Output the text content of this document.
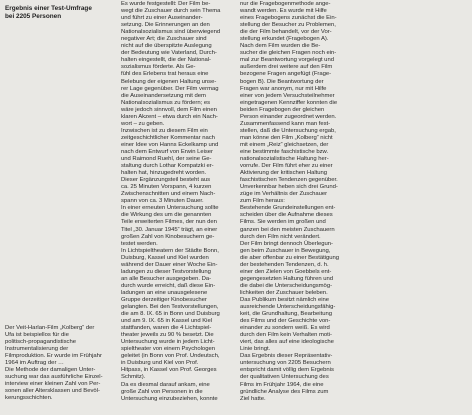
Ergebnis einer Test-Umfrage
bei 2205 Personen

Der Veit-Harlan-Film „Kolberg“ der

Ufa ist beispiellos für die

politisch-propagandistische

Instrumentalisierung der

Filmproduktion. Er wurde im Frühjahr

1964 im Auftrag der …

Die Methode der damaligen Unter-

suchung war das ausführliche Einzel-

interview einer kleinen Zahl von Per-

sonen aller Altersklassen und Bevöl-

kerungsschichten.

Es wurde festgestellt: Der Film be-

wegt die Zuschauer durch sein Thema

und führt zu einer Auseinander-

setzung. Die Erinnerungen an den

Nationalsozialismus sind überwiegend

negativer Art; die Zuschauer sind

nicht auf die überspitzte Auslegung

der Bedeutung wie Vaterland, Durch-

halten eingestellt, die der National-

sozialismus förderte. Als Ge-

fühl des Erlebens trat heraus eine

Belebung der eigenen Haltung unse-

rer Lage gegenüber. Der Film vermag

die Auseinandersetzung mit dem

Nationalsozialismus zu fördern; es

wäre jedoch sinnvoll, dem Film einen

klaren Akzent – etwa durch ein Nach-

wort – zu geben.

Inzwischen ist zu diesem Film ein

zeitgeschichtlicher Kommentar nach

einer Idee von Hanns Eckelkamp und

nach dem Entwurf von Erwin Leiser

und Raimond Ruehl, der seine Ge-

staltung durch Lothar Kompatzki er-

halten hat, hinzugedreht worden.

Dieser Ergänzungsteil besteht aus

ca. 25 Minuten Vorspann, 4 kurzen

Zwischenschnitten und einem Nach-

spann von ca. 3 Minuten Dauer.

In einer erneuten Untersuchung sollte

die Wirkung des um die genannten

Teile erweiterten Filmes, der nun den

Titel „30. Januar 1945“ trägt, an einer

großen Zahl von Kinobesuchern ge-

testet werden.

In Lichtspieltheatern der Städte Bonn,

Duisburg, Kassel und Kiel wurden

während der Dauer einer Woche Ein-

ladungen zu dieser Testvorstellung

an alle Besucher ausgegeben. Da-

durch wurde erreicht, daß diese Ein-

ladungen an eine unausgelesene

Gruppe derzeitiger Kinobesucher

gelangten. Bei den Testvorstellungen,

die am 8. IX. 65 in Bonn und Duisburg

und am 9. IX. 65 in Kassel und Kiel

stattfanden, waren die 4 Lichtspiel-

theater jeweils zu 90 % besetzt. Die

Untersuchung wurde in jedem Licht-

spieltheater von einem Psychologen

geleitet (in Bonn von Prof. Undeutsch,

in Duisburg und Kiel von Prof.

Hitpass, in Kassel von Prof. Georges

Schmitz).

Da es diesmal darauf ankam, eine

große Zahl von Personen in die

Untersuchung einzubeziehen, konnte

nur die Fragebogenmethode ange-

wandt werden. Es wurde mit Hilfe

eines Fragebogens zunächst die Ein-

stellung der Besucher zu Problemen,

die der Film behandelt, vor der Vor-

stellung erkundet (Fragebogen A).

Nach dem Film wurden die Be-

sucher die gleichen Fragen noch ein-

mal zur Beantwortung vorgelegt und

außerdem drei weitere auf den Film

bezogene Fragen angefügt (Frage-

bogen B). Die Beantwortung der

Fragen war anonym, nur mit Hilfe

einer von jedem Versuchsteilnehmer

eingetragenen Kennziffer konnten die

beiden Fragebogen der gleichen

Person einander zugeordnet werden.

Zusammenfassend kann man fest-

stellen, daß die Untersuchung ergab,

man könne den Film „Kolberg“ nicht

mit einem „Reiz“ gleichsetzen, der

eine bestimmte faschistische bzw.

nationalsozialistische Haltung her-

vorrufe. Der Film führt eher zu einer

Aktivierung der kritischen Haltung

faschistischen Tendenzen gegenüber.

Unverkennbar heben sich drei Grund-

züge im Verhältnis der Zuschauer

zum Film heraus:

Bestehende Grundeinstellungen ent-

scheiden über die Aufnahme dieses

Films. Sie werden im großen und

ganzen bei den meisten Zuschauern

durch den Film nicht verändert.

Der Film bringt dennoch Überlegun-

gen beim Zuschauer in Bewegung,

die aber offenbar zu einer Bestätigung

der bestehenden Tendenzen, d. h.

einer den Zielen von Goebbels ent-

gegengesetzten Haltung führen und

die dabei die Unterscheidungsmög-

lichkeiten der Zuschauer beleben.

Das Publikum besitzt nämlich eine

ausreichende Unterscheidungsfähig-

keit, die Grundhaltung, Bearbeitung

des Films und der Geschichte von-

einander zu sondern weiß. Es wird

durch den Film kein Verhalten moti-

viert, das alles auf eine ideologische

Linie bringt.

Das Ergebnis dieser Repräsentativ-

untersuchung von 2205 Besuchern

entspricht damit völlig dem Ergebnis

der qualitativen Untersuchung des

Films im Frühjahr 1964, die eine

gründliche Analyse des Films zum

Ziel hatte.
